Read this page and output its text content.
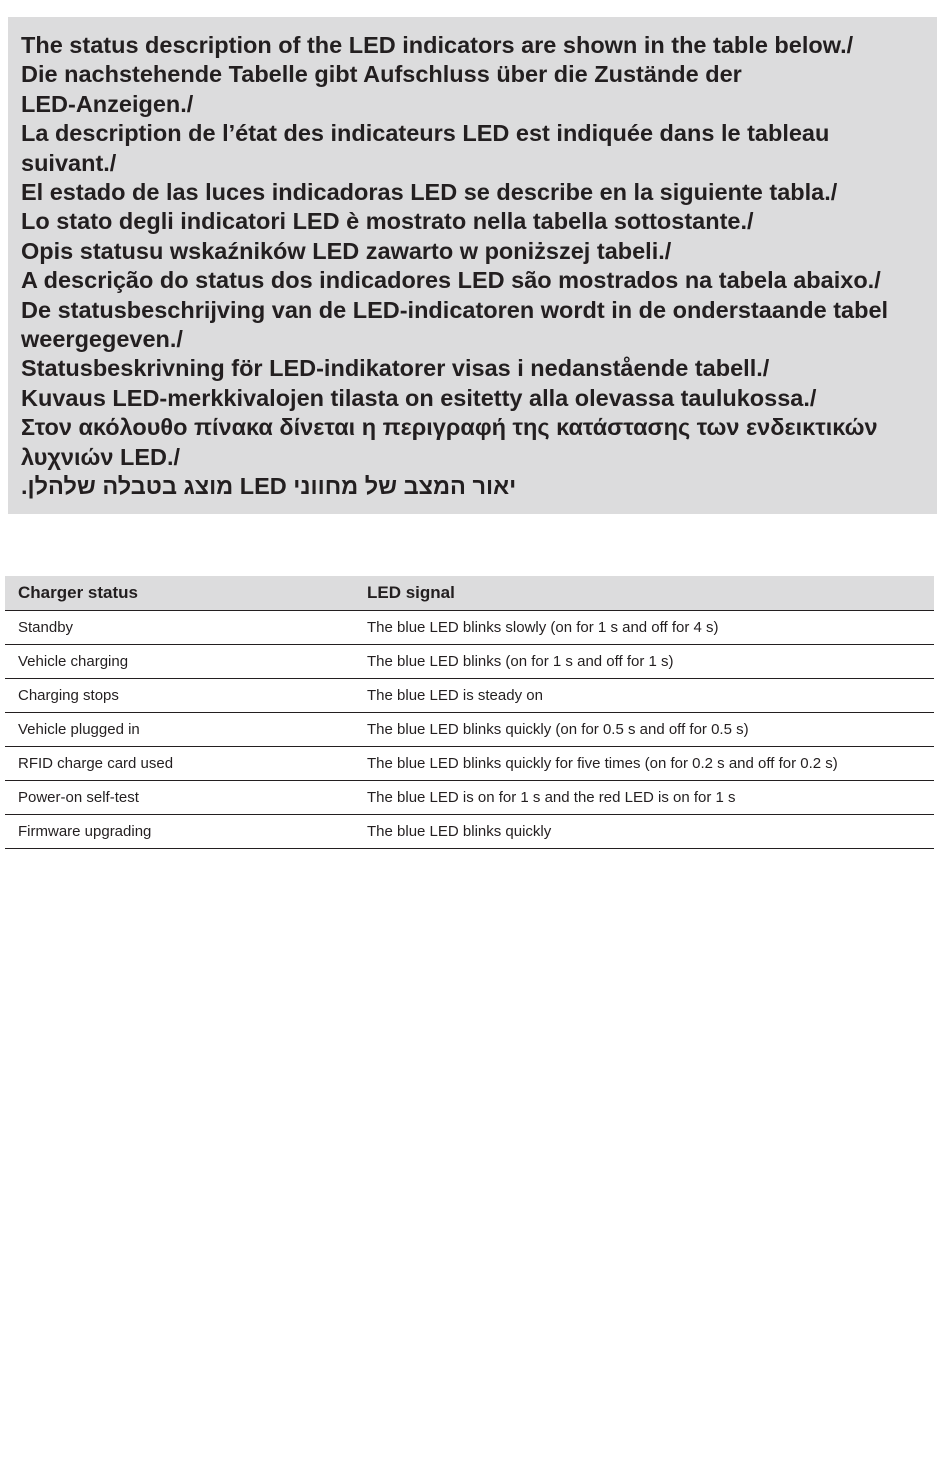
The status description of the LED indicators are shown in the table below./
Die nachstehende Tabelle gibt Aufschluss über die Zustände der
LED-Anzeigen./
La description de l’état des indicateurs LED est indiquée dans le tableau
suivant./
El estado de las luces indicadoras LED se describe en la siguiente tabla./
Lo stato degli indicatori LED è mostrato nella tabella sottostante./
Opis statusu wskaźników LED zawarto w poniższej tabeli./
A descrição do status dos indicadores LED são mostrados na tabela abaixo./
De statusbeschrijving van de LED-indicatoren wordt in de onderstaande tabel
weergegeven./
Statusbeskrivning för LED-indikatorer visas i nedanstående tabell./
Kuvaus LED-merkkivalojen tilasta on esitetty alla olevassa taulukossa./
Στον ακόλουθο πίνακα δίνεται η περιγραφή της κατάστασης των ενδεικτικών
λυχνιών LED./
יאור המצב של מחווני LED מוצג בטבלה שלהלן.
Charger status	LED signal
Standby	The blue LED blinks slowly (on for 1 s and off for 4 s)
Vehicle charging	The blue LED blinks (on for 1 s and off for 1 s)
Charging stops	The blue LED is steady on
Vehicle plugged in	The blue LED blinks quickly (on for 0.5 s and off for 0.5 s)
RFID charge card used	The blue LED blinks quickly for five times (on for 0.2 s and off for 0.2 s)
Power-on self-test	The blue LED is on for 1 s and the red LED is on for 1 s
Firmware upgrading	The blue LED blinks quickly
